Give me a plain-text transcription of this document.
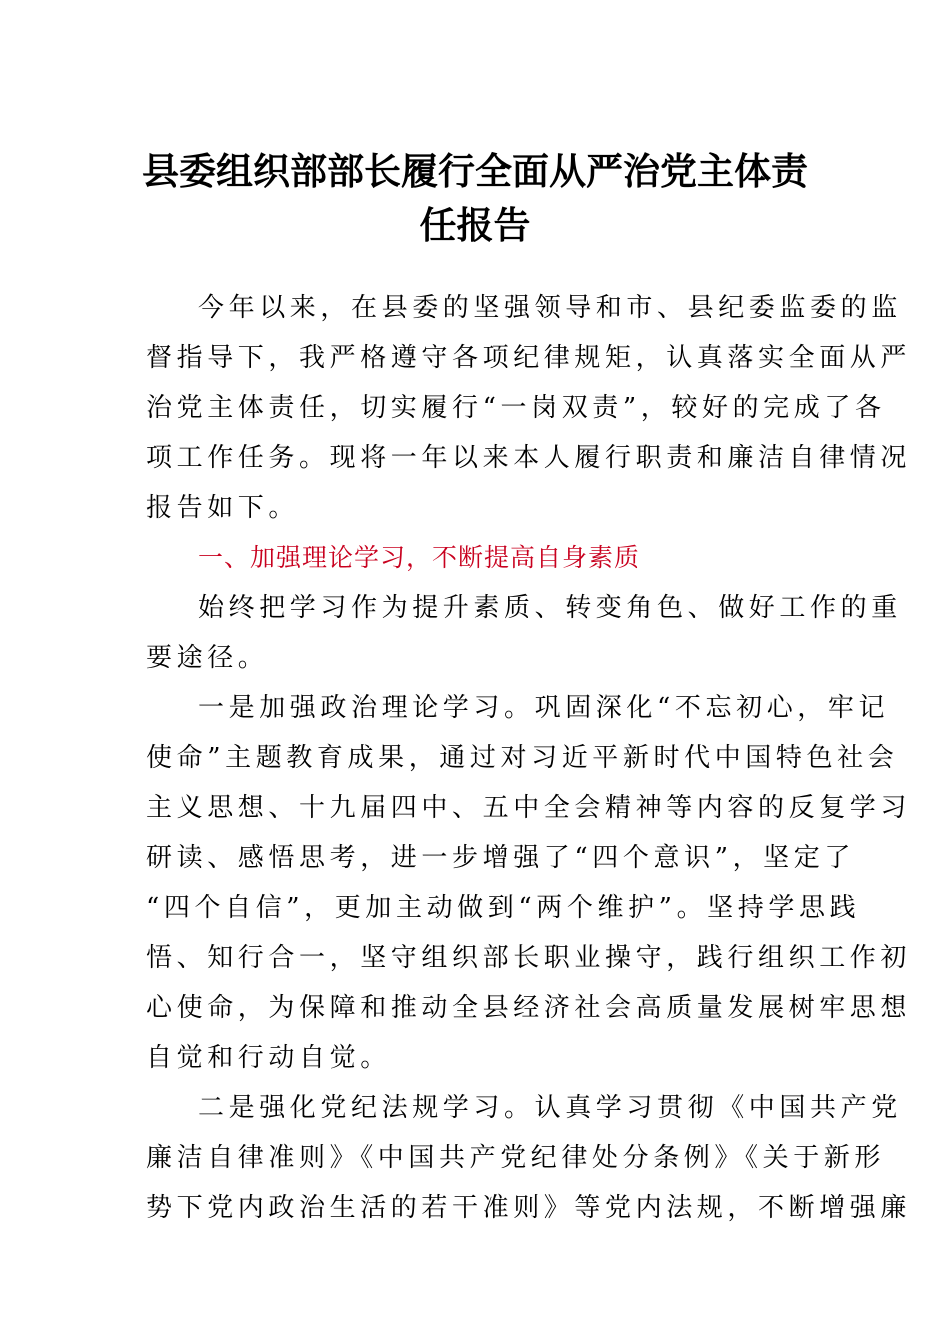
县委组织部部长履行全面从严治党主体责
任报告
今年以来，在县委的坚强领导和市、县纪委监委的监
督指导下，我严格遵守各项纪律规矩，认真落实全面从严
治党主体责任，切实履行“一岗双责”，较好的完成了各
项工作任务。现将一年以来本人履行职责和廉洁自律情况
报告如下。
一、加强理论学习，不断提高自身素质
始终把学习作为提升素质、转变角色、做好工作的重
要途径。
一是加强政治理论学习。巩固深化“不忘初心，牢记
使命”主题教育成果，通过对习近平新时代中国特色社会
主义思想、十九届四中、五中全会精神等内容的反复学习
研读、感悟思考，进一步增强了“四个意识”，坚定了
“四个自信”，更加主动做到“两个维护”。坚持学思践
悟、知行合一，坚守组织部长职业操守，践行组织工作初
心使命，为保障和推动全县经济社会高质量发展树牢思想
自觉和行动自觉。
二是强化党纪法规学习。认真学习贯彻《中国共产党
廉洁自律准则》《中国共产党纪律处分条例》《关于新形
势下党内政治生活的若干准则》等党内法规，不断增强廉
